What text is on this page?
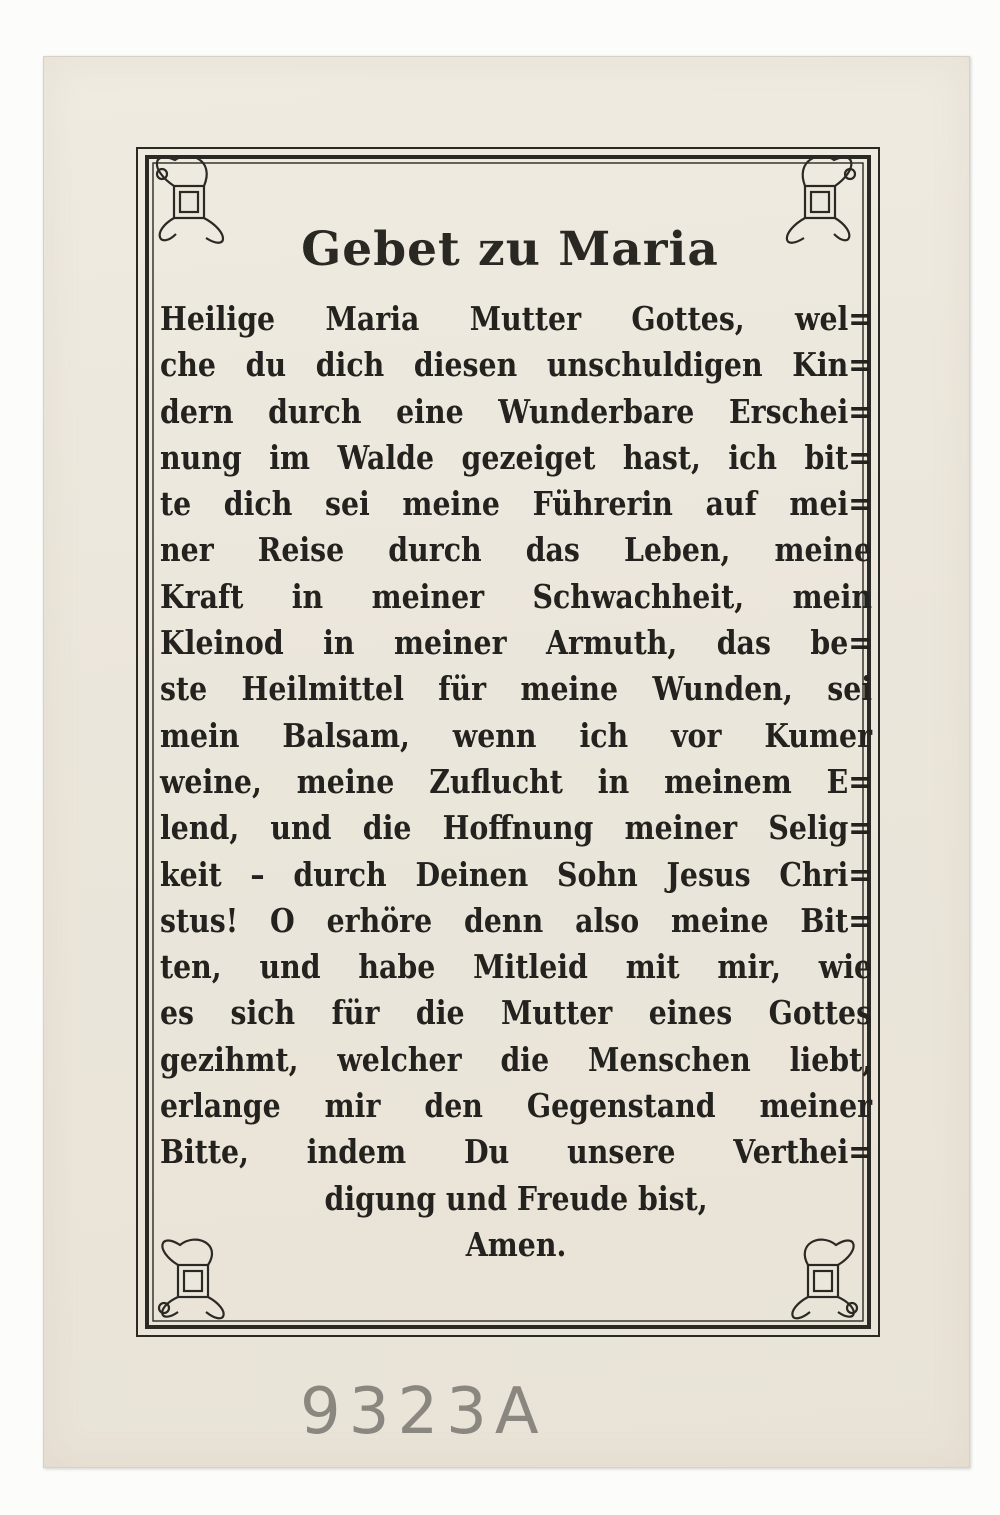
Gebet zu Maria
Heilige Maria Mutter Gottes, wel=
che du dich diesen unschuldigen Kin=
dern durch eine Wunderbare Erschei=
nung im Walde gezeiget hast, ich bit=
te dich sei meine Führerin auf mei=
ner Reise durch das Leben, meine
Kraft in meiner Schwachheit, mein
Kleinod in meiner Armuth, das be=
ste Heilmittel für meine Wunden, sei
mein Balsam, wenn ich vor Kumer
weine, meine Zuflucht in meinem E=
lend, und die Hoffnung meiner Selig=
keit – durch Deinen Sohn Jesus Chri=
stus! O erhöre denn also meine Bit=
ten, und habe Mitleid mit mir, wie
es sich für die Mutter eines Gottes
gezihmt, welcher die Menschen liebt,
erlange mir den Gegenstand meiner
Bitte, indem Du unsere Verthei=
digung und Freude bist,
Amen.
9323A
